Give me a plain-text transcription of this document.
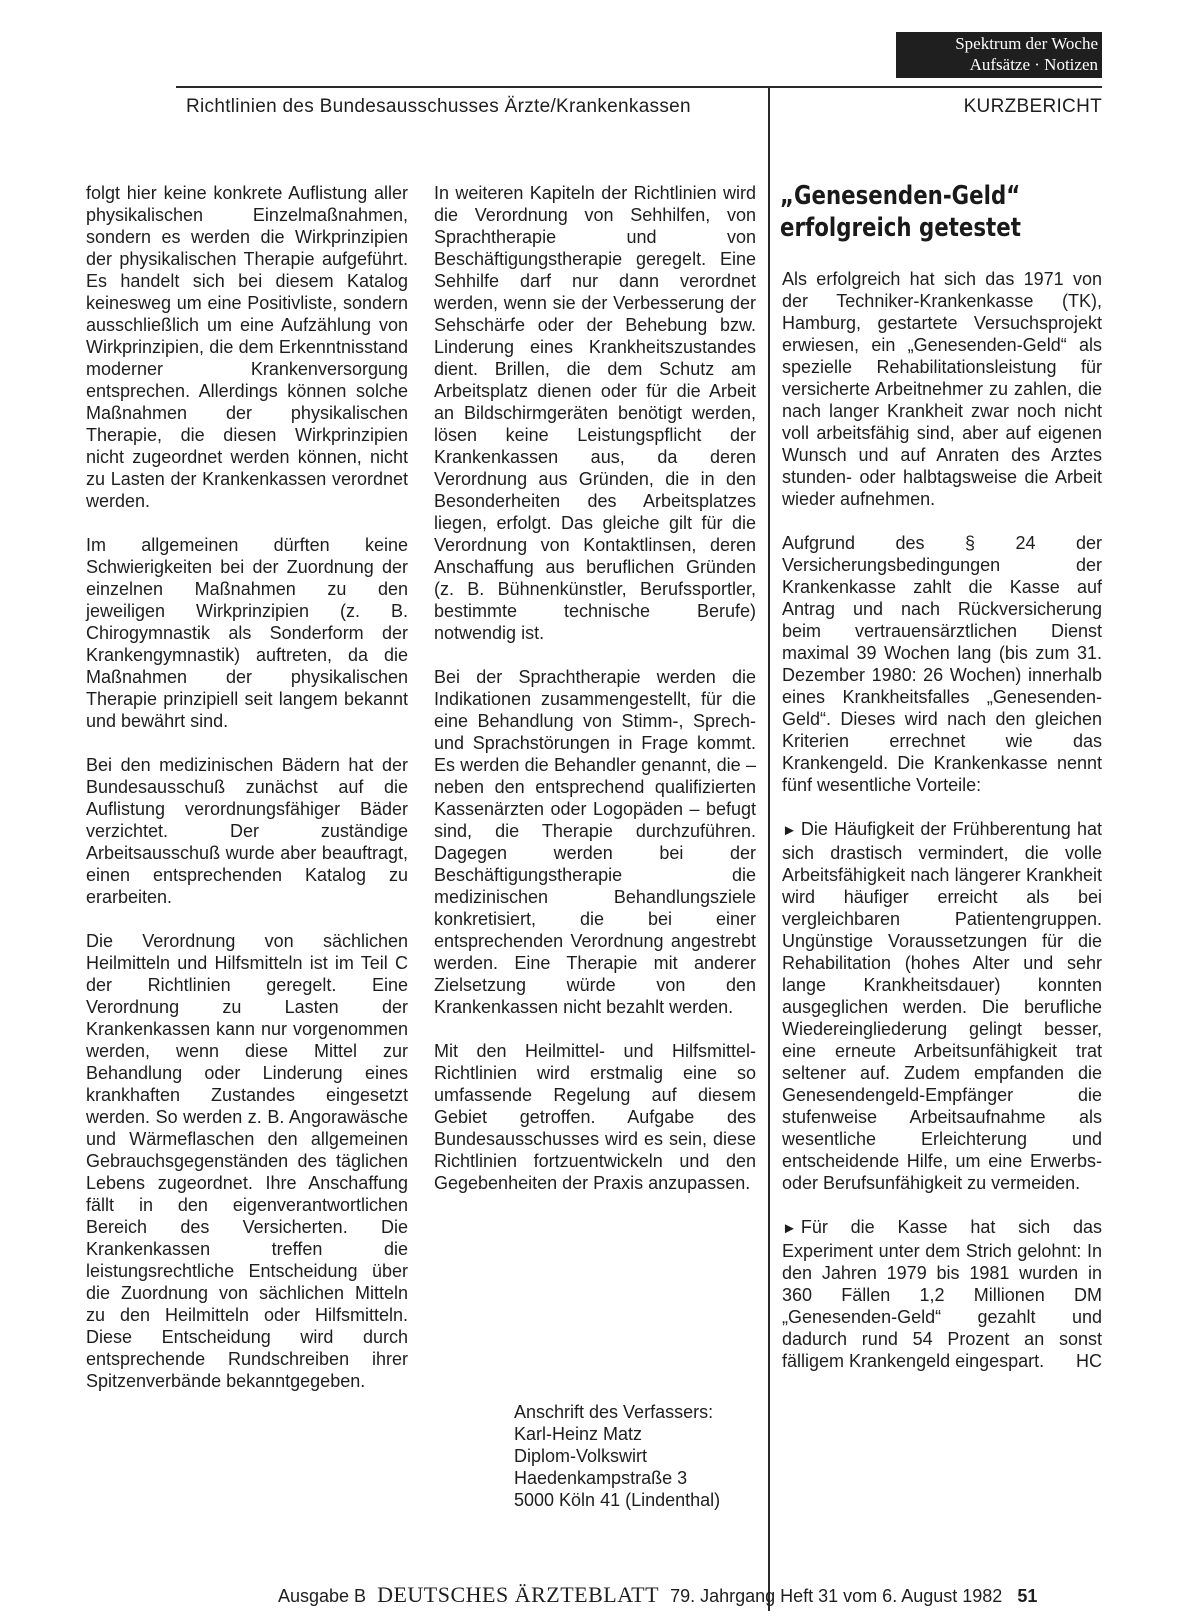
Spektrum der Woche
Aufsätze · Notizen
Richtlinien des Bundesausschusses Ärzte/Krankenkassen	KURZBERICHT

folgt hier keine konkrete Auflistung aller physikalischen Einzelmaßnahmen, sondern es werden die Wirkprinzipien der physikalischen Therapie aufgeführt. Es handelt sich bei diesem Katalog keinesweg um eine Positivliste, sondern ausschließlich um eine Aufzählung von Wirkprinzipien, die dem Erkenntnisstand moderner Krankenversorgung entsprechen. Allerdings können solche Maßnahmen der physikalischen Therapie, die diesen Wirkprinzipien nicht zugeordnet werden können, nicht zu Lasten der Krankenkassen verordnet werden.

Im allgemeinen dürften keine Schwierigkeiten bei der Zuordnung der einzelnen Maßnahmen zu den jeweiligen Wirkprinzipien (z. B. Chirogymnastik als Sonderform der Krankengymnastik) auftreten, da die Maßnahmen der physikalischen Therapie prinzipiell seit langem bekannt und bewährt sind.

Bei den medizinischen Bädern hat der Bundesausschuß zunächst auf die Auflistung verordnungsfähiger Bäder verzichtet. Der zuständige Arbeitsausschuß wurde aber beauftragt, einen entsprechenden Katalog zu erarbeiten.

Die Verordnung von sächlichen Heilmitteln und Hilfsmitteln ist im Teil C der Richtlinien geregelt. Eine Verordnung zu Lasten der Krankenkassen kann nur vorgenommen werden, wenn diese Mittel zur Behandlung oder Linderung eines krankhaften Zustandes eingesetzt werden. So werden z. B. Angorawäsche und Wärmeflaschen den allgemeinen Gebrauchsgegenständen des täglichen Lebens zugeordnet. Ihre Anschaffung fällt in den eigenverantwortlichen Bereich des Versicherten. Die Krankenkassen treffen die leistungsrechtliche Entscheidung über die Zuordnung von sächlichen Mitteln zu den Heilmitteln oder Hilfsmitteln. Diese Entscheidung wird durch entsprechende Rundschreiben ihrer Spitzenverbände bekanntgegeben.

In weiteren Kapiteln der Richtlinien wird die Verordnung von Sehhilfen, von Sprachtherapie und von Beschäftigungstherapie geregelt. Eine Sehhilfe darf nur dann verordnet werden, wenn sie der Verbesserung der Sehschärfe oder der Behebung bzw. Linderung eines Krankheitszustandes dient. Brillen, die dem Schutz am Arbeitsplatz dienen oder für die Arbeit an Bildschirmgeräten benötigt werden, lösen keine Leistungspflicht der Krankenkassen aus, da deren Verordnung aus Gründen, die in den Besonderheiten des Arbeitsplatzes liegen, erfolgt. Das gleiche gilt für die Verordnung von Kontaktlinsen, deren Anschaffung aus beruflichen Gründen (z. B. Bühnenkünstler, Berufssportler, bestimmte technische Berufe) notwendig ist.

Bei der Sprachtherapie werden die Indikationen zusammengestellt, für die eine Behandlung von Stimm-, Sprech- und Sprachstörungen in Frage kommt. Es werden die Behandler genannt, die – neben den entsprechend qualifizierten Kassenärzten oder Logopäden – befugt sind, die Therapie durchzuführen. Dagegen werden bei der Beschäftigungstherapie die medizinischen Behandlungsziele konkretisiert, die bei einer entsprechenden Verordnung angestrebt werden. Eine Therapie mit anderer Zielsetzung würde von den Krankenkassen nicht bezahlt werden.

Mit den Heilmittel- und Hilfsmittel-Richtlinien wird erstmalig eine so umfassende Regelung auf diesem Gebiet getroffen. Aufgabe des Bundesausschusses wird es sein, diese Richtlinien fortzuentwickeln und den Gegebenheiten der Praxis anzupassen.

Anschrift des Verfassers:
Karl-Heinz Matz
Diplom-Volkswirt
Haedenkampstraße 3
5000 Köln 41 (Lindenthal)
„Genesenden-Geld“
erfolgreich getestet

Als erfolgreich hat sich das 1971 von der Techniker-Krankenkasse (TK), Hamburg, gestartete Versuchsprojekt erwiesen, ein „Genesenden-Geld“ als spezielle Rehabilitationsleistung für versicherte Arbeitnehmer zu zahlen, die nach langer Krankheit zwar noch nicht voll arbeitsfähig sind, aber auf eigenen Wunsch und auf Anraten des Arztes stunden- oder halbtagsweise die Arbeit wieder aufnehmen.

Aufgrund des § 24 der Versicherungsbedingungen der Krankenkasse zahlt die Kasse auf Antrag und nach Rückversicherung beim vertrauensärztlichen Dienst maximal 39 Wochen lang (bis zum 31. Dezember 1980: 26 Wochen) innerhalb eines Krankheitsfalles „Genesenden-Geld“. Dieses wird nach den gleichen Kriterien errechnet wie das Krankengeld. Die Krankenkasse nennt fünf wesentliche Vorteile:

► Die Häufigkeit der Frühberentung hat sich drastisch vermindert, die volle Arbeitsfähigkeit nach längerer Krankheit wird häufiger erreicht als bei vergleichbaren Patientengruppen. Ungünstige Voraussetzungen für die Rehabilitation (hohes Alter und sehr lange Krankheitsdauer) konnten ausgeglichen werden. Die berufliche Wiedereingliederung gelingt besser, eine erneute Arbeitsunfähigkeit trat seltener auf. Zudem empfanden die Genesendengeld-Empfänger die stufenweise Arbeitsaufnahme als wesentliche Erleichterung und entscheidende Hilfe, um eine Erwerbs- oder Berufsunfähigkeit zu vermeiden.

► Für die Kasse hat sich das Experiment unter dem Strich gelohnt: In den Jahren 1979 bis 1981 wurden in 360 Fällen 1,2 Millionen DM „Genesenden-Geld“ gezahlt und dadurch rund 54 Prozent an sonst fälligem Krankengeld eingespart. HC

Ausgabe B DEUTSCHES ÄRZTEBLATT 79. Jahrgang Heft 31 vom 6. August 1982 51
